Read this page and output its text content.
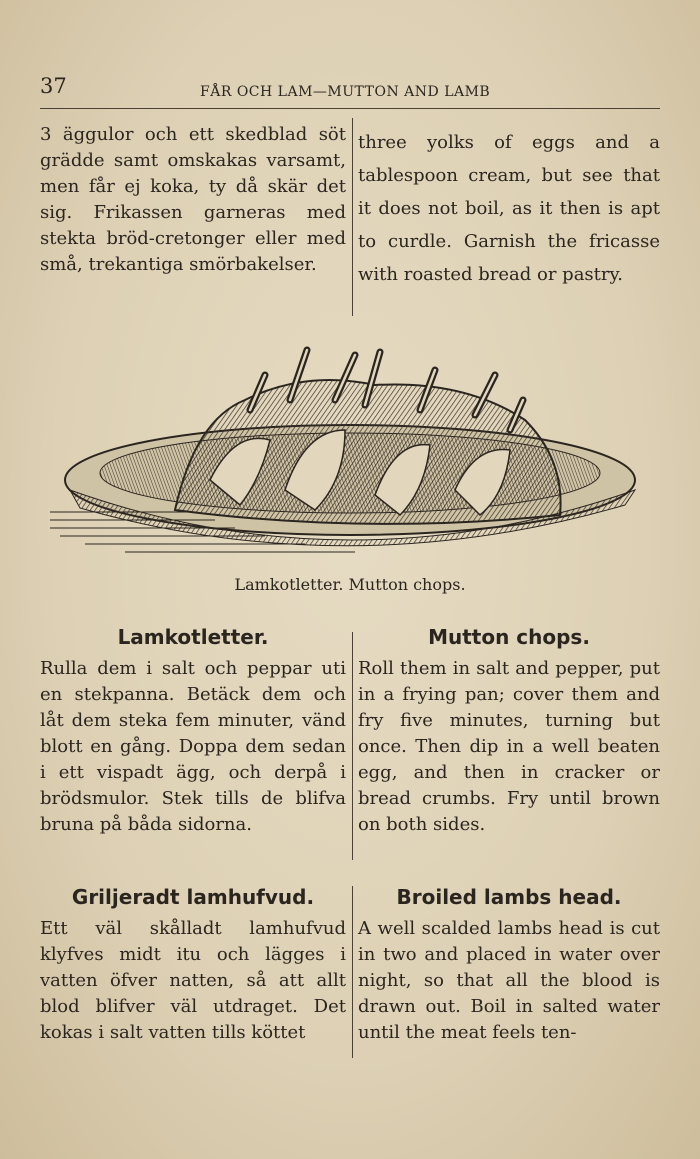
37	FÅR OCH LAM—MUTTON AND LAMB

3 äggulor och ett skedblad söt grädde samt omskakas varsamt, men får ej koka, ty då skär det sig. Frikassen garneras med stekta bröd-cretonger eller med små, trekantiga smörbakelser.

three yolks of eggs and a tablespoon cream, but see that it does not boil, as it then is apt to curdle. Garnish the fricasse with roasted bread or pastry.

Lamkotletter. Mutton chops.
Lamkotletter.

Rulla dem i salt och peppar uti en stekpanna. Betäck dem och låt dem steka fem minuter, vänd blott en gång. Doppa dem sedan i ett vispadt ägg, och derpå i brödsmulor. Stek tills de blifva bruna på båda sidorna.

Mutton chops.

Roll them in salt and pepper, put in a frying pan; cover them and fry five minutes, turning but once. Then dip in a well beaten egg, and then in cracker or bread crumbs. Fry until brown on both sides.

Griljeradt lamhufvud.

Ett väl skålladt lamhufvud klyfves midt itu och lägges i vatten öfver natten, så att allt blod blifver väl utdraget. Det kokas i salt vatten tills köttet

Broiled lambs head.

A well scalded lambs head is cut in two and placed in water over night, so that all the blood is drawn out. Boil in salted water until the meat feels ten-
